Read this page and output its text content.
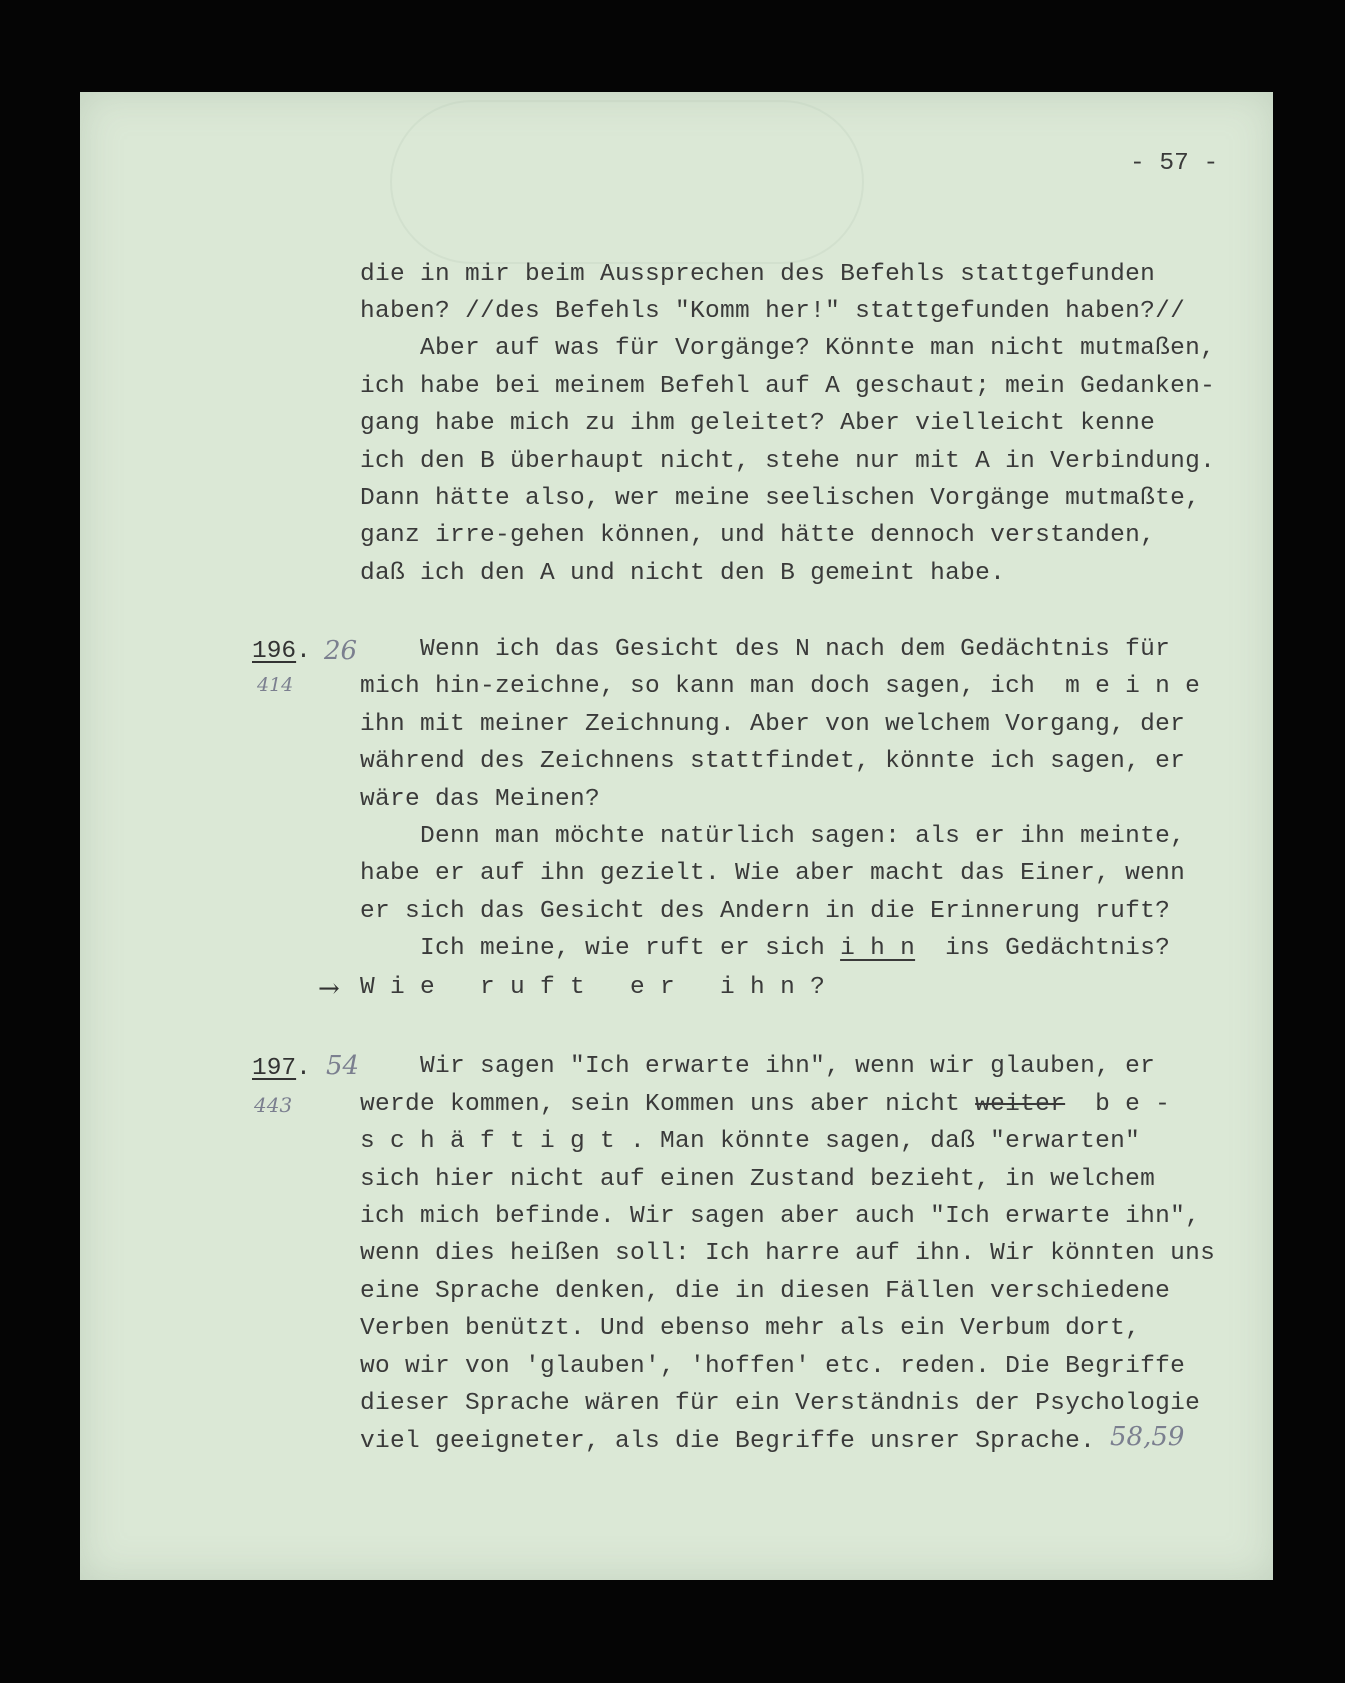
- 57 -

die in mir beim Aussprechen des Befehls stattgefunden

haben? //des Befehls "Komm her!" stattgefunden haben?//

Aber auf was für Vorgänge? Könnte man nicht mutmaßen,

ich habe bei meinem Befehl auf A geschaut; mein Gedanken-

gang habe mich zu ihm geleitet? Aber vielleicht kenne

ich den B überhaupt nicht, stehe nur mit A in Verbindung.

Dann hätte also, wer meine seelischen Vorgänge mutmaßte,

ganz irre-gehen können, und hätte dennoch verstanden,

daß ich den A und nicht den B gemeint habe.

196. 26
414

Wenn ich das Gesicht des N nach dem Gedächtnis für

mich hin-zeichne, so kann man doch sagen, ich  m e i n e

ihn mit meiner Zeichnung. Aber von welchem Vorgang, der

während des Zeichnens stattfindet, könnte ich sagen, er

wäre das Meinen?

Denn man möchte natürlich sagen: als er ihn meinte,

habe er auf ihn gezielt. Wie aber macht das Einer, wenn

er sich das Gesicht des Andern in die Erinnerung ruft?

Ich meine, wie ruft er sich i h n  ins Gedächtnis?

→ W i e   r u f t   e r   i h n ?

197. 54
443

Wir sagen "Ich erwarte ihn", wenn wir glauben, er

werde kommen, sein Kommen uns aber nicht weiter  b e -

s c h ä f t i g t . Man könnte sagen, daß "erwarten"

sich hier nicht auf einen Zustand bezieht, in welchem

ich mich befinde. Wir sagen aber auch "Ich erwarte ihn",

wenn dies heißen soll: Ich harre auf ihn. Wir könnten uns

eine Sprache denken, die in diesen Fällen verschiedene

Verben benützt. Und ebenso mehr als ein Verbum dort,

wo wir von 'glauben', 'hoffen' etc. reden. Die Begriffe

dieser Sprache wären für ein Verständnis der Psychologie

viel geeigneter, als die Begriffe unsrer Sprache. 58,59
